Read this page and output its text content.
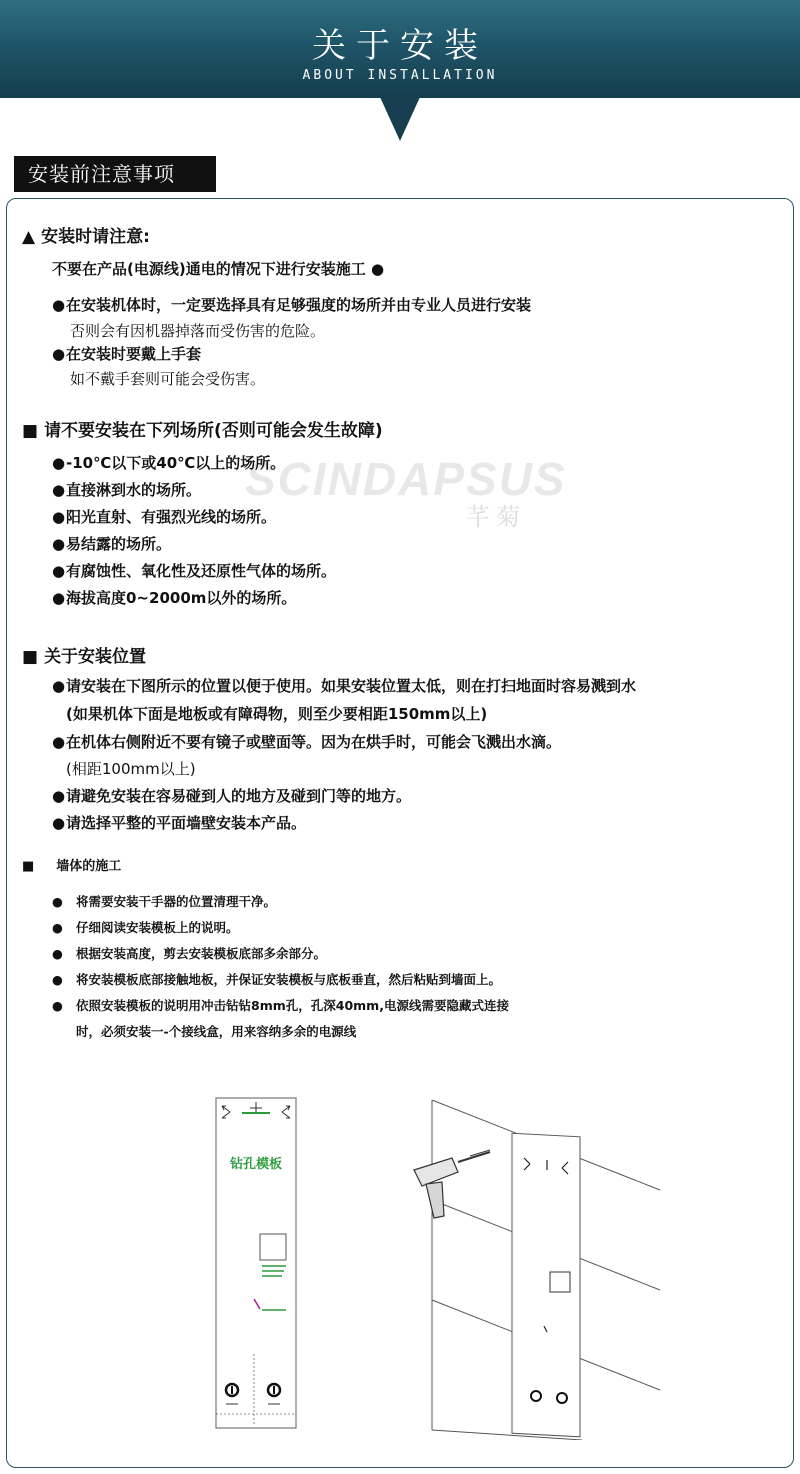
关于安装
ABOUT INSTALLATION
安装前注意事项
SCINDAPSUS
芊菊
▲ 安装时请注意:
不要在产品(电源线)通电的情况下进行安装施工 ●
●在安装机体时，一定要选择具有足够强度的场所并由专业人员进行安装
否则会有因机器掉落而受伤害的危险。
●在安装时要戴上手套
如不戴手套则可能会受伤害。
■ 请不要安装在下列场所(否则可能会发生故障)
●-10℃以下或40℃以上的场所。
●直接淋到水的场所。
●阳光直射、有强烈光线的场所。
●易结露的场所。
●有腐蚀性、氧化性及还原性气体的场所。
●海拔高度0~2000m以外的场所。
■ 关于安装位置
●请安装在下图所示的位置以便于使用。如果安装位置太低，则在打扫地面时容易溅到水
(如果机体下面是地板或有障碍物，则至少要相距150mm以上)
●在机体右侧附近不要有镜子或壁面等。因为在烘手时，可能会飞溅出水滴。
(相距100mm以上)
●请避免安装在容易碰到人的地方及碰到门等的地方。
●请选择平整的平面墙壁安装本产品。
■ 墙体的施工
● 将需要安装干手器的位置清理干净。
● 仔细阅读安装模板上的说明。
● 根据安装高度，剪去安装模板底部多余部分。
● 将安装模板底部接触地板，并保证安装模板与底板垂直，然后粘贴到墙面上。
● 依照安装模板的说明用冲击钻钻8mm孔，孔深40mm,电源线需要隐藏式连接
时，必须安装一-个接线盒，用来容纳多余的电源线
钻孔模板
